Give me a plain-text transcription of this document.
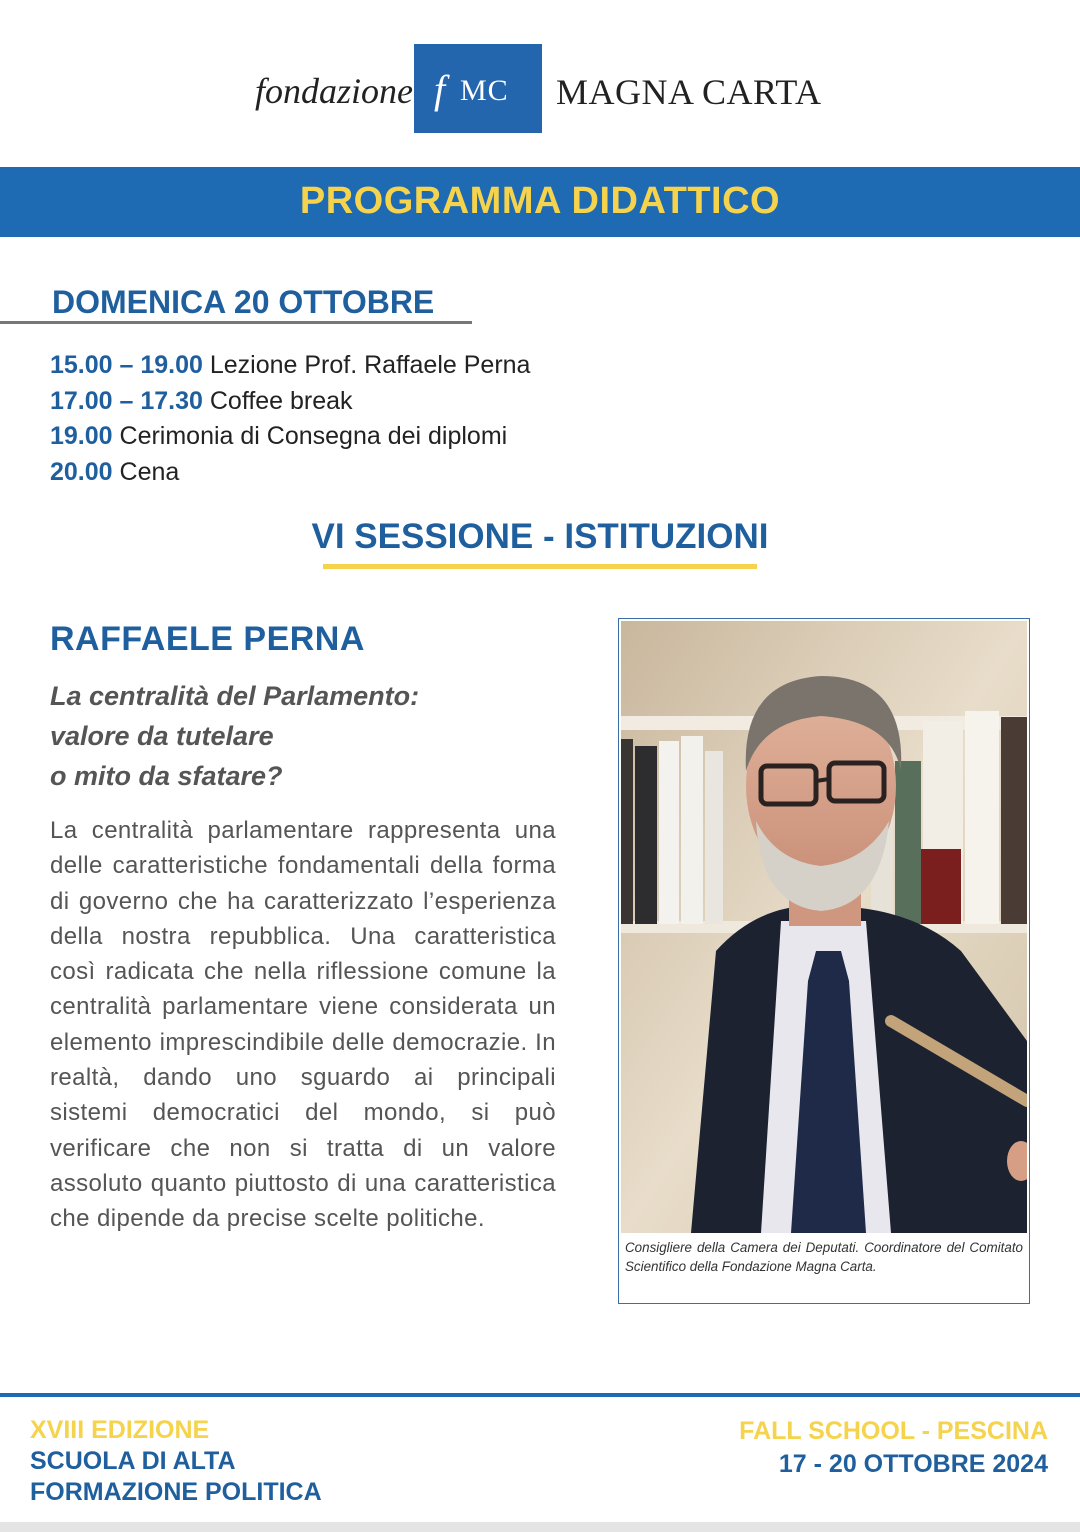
fondazione f MC MAGNA CARTA
PROGRAMMA DIDATTICO
DOMENICA 20 OTTOBRE
15.00 – 19.00 Lezione Prof. Raffaele Perna
17.00 – 17.30 Coffee break
19.00 Cerimonia di Consegna dei diplomi
20.00 Cena
VI SESSIONE - ISTITUZIONI
RAFFAELE PERNA
La centralità del Parlamento:
valore da tutelare
o mito da sfatare?
La centralità parlamentare rappresenta una delle caratteristiche fondamentali della forma di governo che ha caratterizzato l’esperienza della nostra repubblica. Una caratteristica così radicata che nella riflessione comune la centralità parlamentare viene considerata un elemento imprescindibile delle democrazie. In realtà, dando uno sguardo ai principali sistemi democratici del mondo, si può verificare che non si tratta di un valore assoluto quanto piuttosto di una caratteristica che dipende da precise scelte politiche.
Consigliere della Camera dei Deputati. Coordinatore del Comitato Scientifico della Fondazione Magna Carta.
XVIII EDIZIONE
SCUOLA DI ALTA
FORMAZIONE POLITICA
FALL SCHOOL - PESCINA
17 - 20 OTTOBRE 2024
